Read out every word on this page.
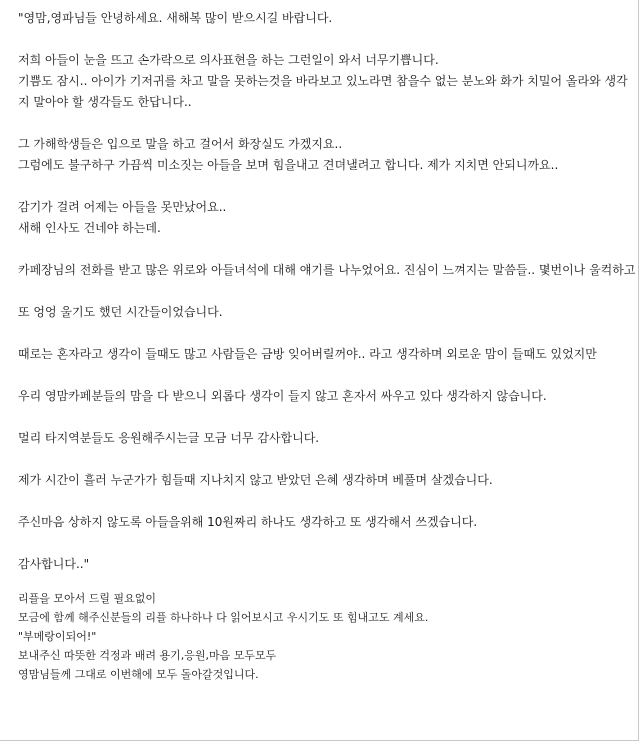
"영맘,영파님들 안녕하세요. 새해복 많이 받으시길 바랍니다.

저희 아들이 눈을 뜨고 손가락으로 의사표현을 하는 그런일이 와서 너무기쁩니다.

기쁨도 잠시.. 아이가 기저귀를 차고 말을 못하는것을 바라보고 있노라면 참을수 없는 분노와 화가 치밀어 올라와 생각

지 말아야 할 생각들도 한답니다..

그 가해학생들은 입으로 말을 하고 걸어서 화장실도 가겠지요..

그럼에도 불구하구 가끔씩 미소짓는 아들을 보며 힘을내고 견뎌낼려고 합니다. 제가 지치면 안되니까요..

감기가 걸려 어제는 아들을 못만났어요..

새해 인사도 건네야 하는데.

카페장님의 전화를 받고 많은 위로와 아들녀석에 대해 얘기를 나누었어요. 진심이 느껴지는 말씀들.. 몇번이나 울컥하고

또 엉엉 울기도 했던 시간들이었습니다.

때로는 혼자라고 생각이 들때도 많고 사람들은 금방 잊어버릴꺼야.. 라고 생각하며 외로운 맘이 들때도 있었지만

우리 영맘카페분들의 맘을 다 받으니 외롭다 생각이 들지 않고 혼자서 싸우고 있다 생각하지 않습니다.

멀리 타지역분들도 응원해주시는글 모금 너무 감사합니다.

제가 시간이 흘러 누군가가 힘들때 지나치지 않고 받았던 은혜 생각하며 베풀며 살겠습니다.

주신마음 상하지 않도록 아들을위해 10원짜리 하나도 생각하고 또 생각해서 쓰겠습니다.

감사합니다.."

리플을 모아서 드릴 필요없이

모금에 함께 해주신분들의 리플 하나하나 다 읽어보시고 우시기도 또 힘내고도 계세요.

"부메랑이되어!"

보내주신 따뜻한 걱정과 배려 용기,응원,마음 모두모두

영맘님들께 그대로 이번해에 모두 돌아갈것입니다.
